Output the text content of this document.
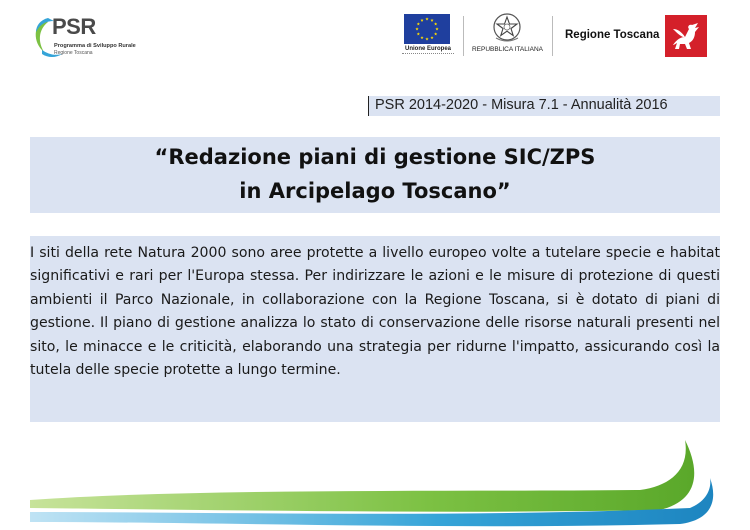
PSR
Programma di Sviluppo Rurale
Regione Toscana
Unione Europea	REPUBBLICA ITALIANA
Regione Toscana
PSR 2014-2020 - Misura 7.1 - Annualità 2016
“Redazione piani di gestione SIC/ZPS
in Arcipelago Toscano”
I siti della rete Natura 2000 sono aree protette a livello europeo volte a tutelare specie e habitat significativi e rari per l'Europa stessa. Per indirizzare le azioni e le misure di protezione di questi ambienti il Parco Nazionale, in collaborazione con la Regione Toscana, si è dotato di piani di gestione. Il piano di gestione analizza lo stato di conservazione delle risorse naturali presenti nel sito, le minacce e le criticità, elaborando una strategia per ridurne l'impatto, assicurando così la tutela delle specie protette a lungo termine.
